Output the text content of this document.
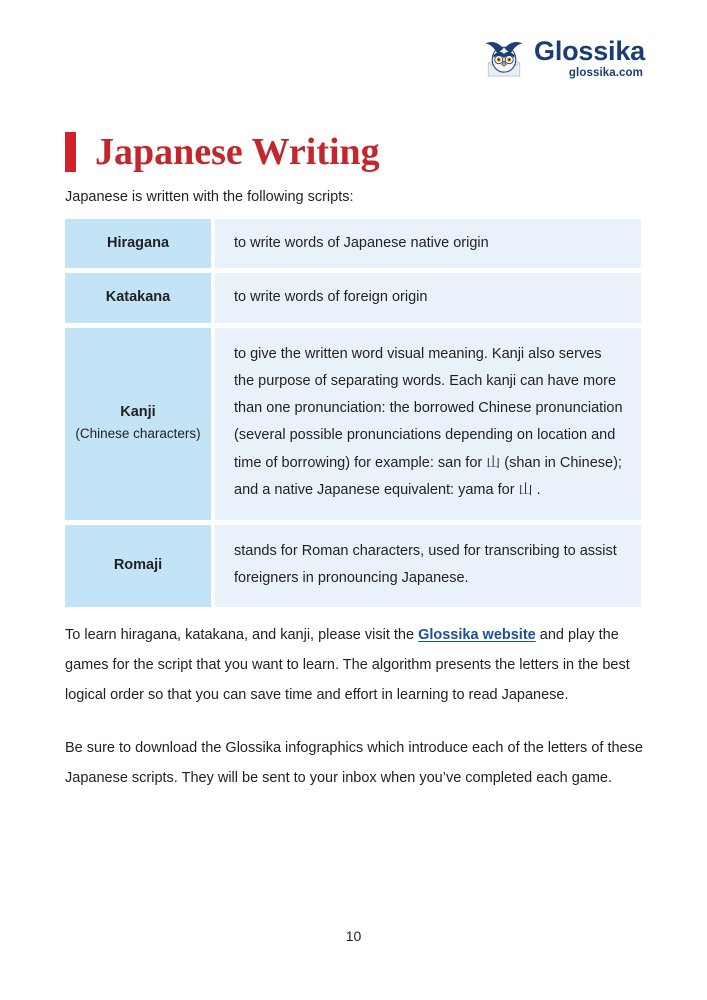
Glossika
glossika.com
Japanese Writing

Japanese is written with the following scripts:

Hiragana	to write words of Japanese native origin
Katakana	to write words of foreign origin
Kanji
(Chinese characters)
to give the written word visual meaning. Kanji also serves the purpose of separating words. Each kanji can have more than one pronunciation: the borrowed Chinese pronunciation (several possible pronunciations depending on location and time of borrowing) for example: san for 山 (shan in Chinese); and a native Japanese equivalent: yama for 山 .
Romaji
stands for Roman characters, used for transcribing to assist foreigners in pronouncing Japanese.

To learn hiragana, katakana, and kanji, please visit the Glossika website and play the games for the script that you want to learn. The algorithm presents the letters in the best logical order so that you can save time and effort in learning to read Japanese.

Be sure to download the Glossika infographics which introduce each of the letters of these Japanese scripts. They will be sent to your inbox when you’ve completed each game.

10
